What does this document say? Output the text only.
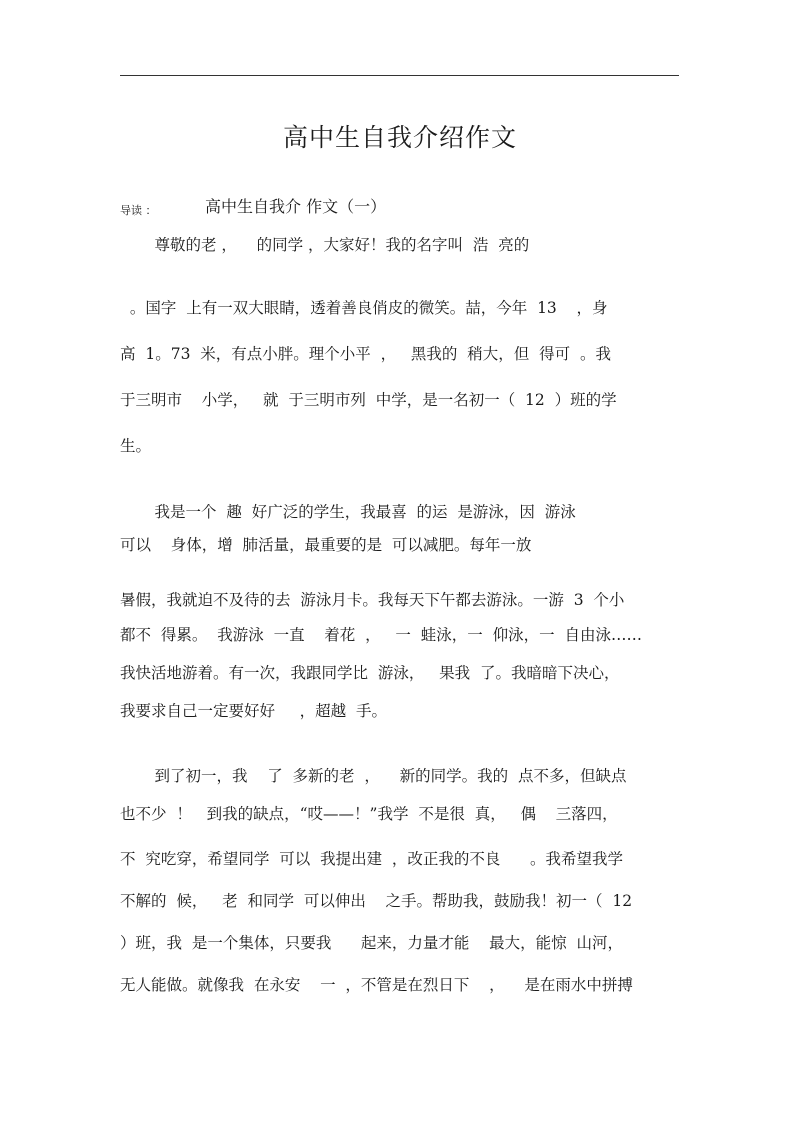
高中生自我介绍作文
导读 ：	高中生自我介 作文（一）
尊敬的老 ，    的同学 ，大家好！我的名字叫  浩  亮的
。国字  上有一双大眼睛，透着善良俏皮的微笑。喆，今年  13    ，身
高  1。73  米，有点小胖。理个小平  ，   黑我的  稍大，但  得可  。我
于三明市    小学，   就  于三明市列  中学，是一名初一（  12  ）班的学
生。
我是一个  趣  好广泛的学生，我最喜  的运  是游泳，因  游泳
可以    身体，增  肺活量，最重要的是  可以减肥。每年一放
暑假，我就迫不及待的去  游泳月卡。我每天下午都去游泳。一游  3  个小
都不  得累。  我游泳  一直    着花  ，   一  蛙泳，一  仰泳，一  自由泳……
我快活地游着。有一次，我跟同学比  游泳，   果我  了。我暗暗下决心，
我要求自己一定要好好     ，超越  手。
到了初一，我    了  多新的老  ，    新的同学。我的  点不多，但缺点
也不少  ！   到我的缺点，“哎——！”我学  不是很  真，   偶    三落四，
不  究吃穿，希望同学  可以  我提出建  ，改正我的不良      。我希望我学
不解的  候，   老  和同学  可以伸出    之手。帮助我，鼓励我！初一（  12
）班，我  是一个集体，只要我      起来，力量才能    最大，能惊  山河，
无人能做。就像我  在永安    一  ，不管是在烈日下    ，    是在雨水中拼搏
